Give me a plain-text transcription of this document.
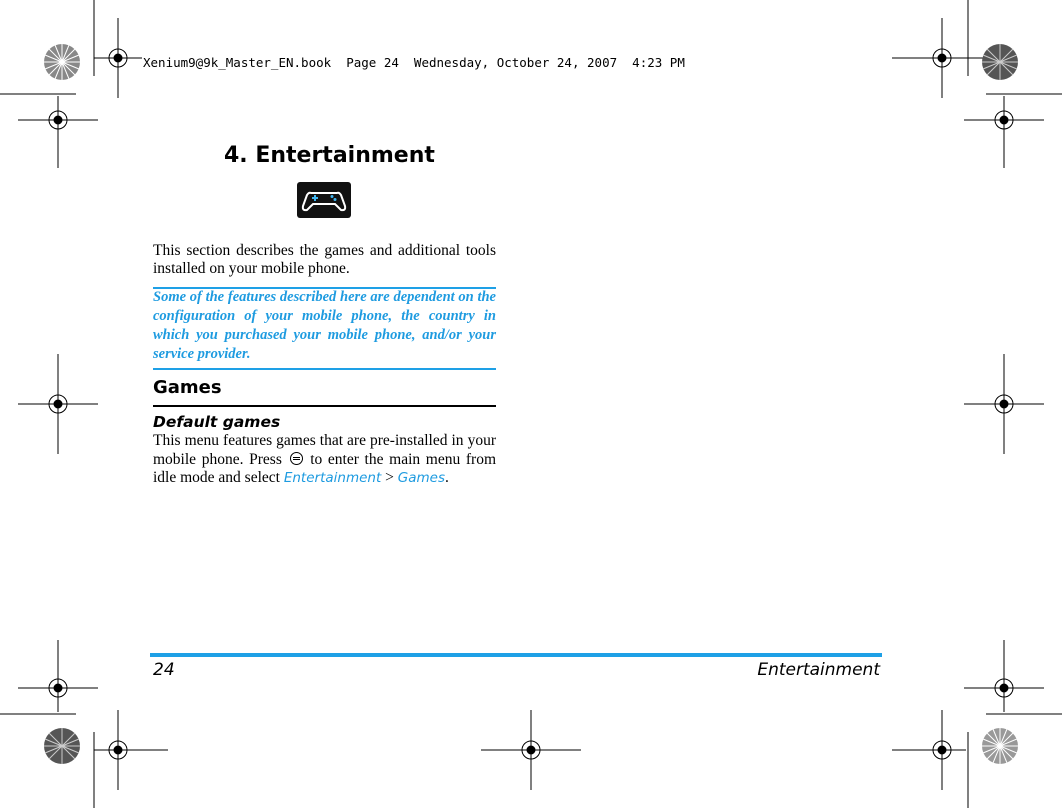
Xenium9@9k_Master_EN.book  Page 24  Wednesday, October 24, 2007  4:23 PM
4. Entertainment

This section describes the games and additional tools installed on your mobile phone.

Some of the features described here are dependent on the configuration of your mobile phone, the country in which you purchased your mobile phone, and/or your service provider.

Games
Default games

This menu features games that are pre-installed in your mobile phone. Press to enter the main menu from idle mode and select Entertainment > Games.

24	Entertainment
